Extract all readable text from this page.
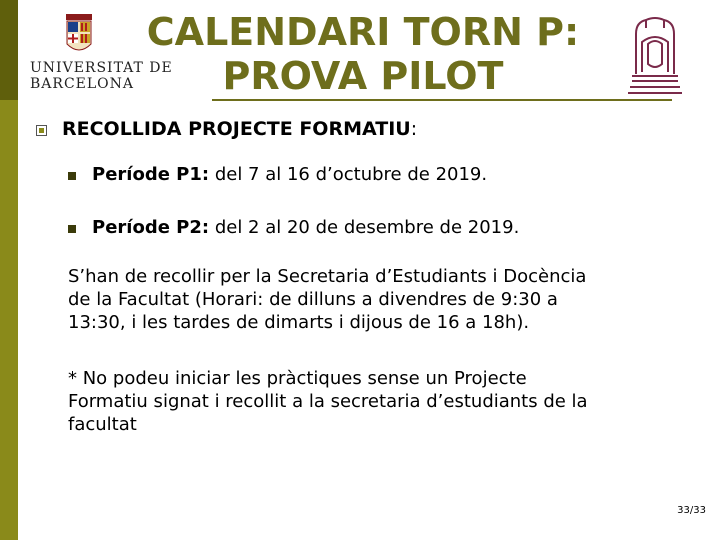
UNIVERSITAT DE
BARCELONA
CALENDARI TORN P:
PROVA PILOT
RECOLLIDA PROJECTE FORMATIU:
Període P1: del 7 al 16 d’octubre de 2019.
Període P2: del 2 al 20 de desembre de 2019.
S’han de recollir per la Secretaria d’Estudiants i Docència
de la Facultat (Horari: de dilluns a divendres de 9:30 a
13:30, i les tardes de dimarts i dijous de 16 a 18h).
* No podeu iniciar les pràctiques sense un Projecte
Formatiu signat i recollit a la secretaria d’estudiants de la
facultat
33/33
